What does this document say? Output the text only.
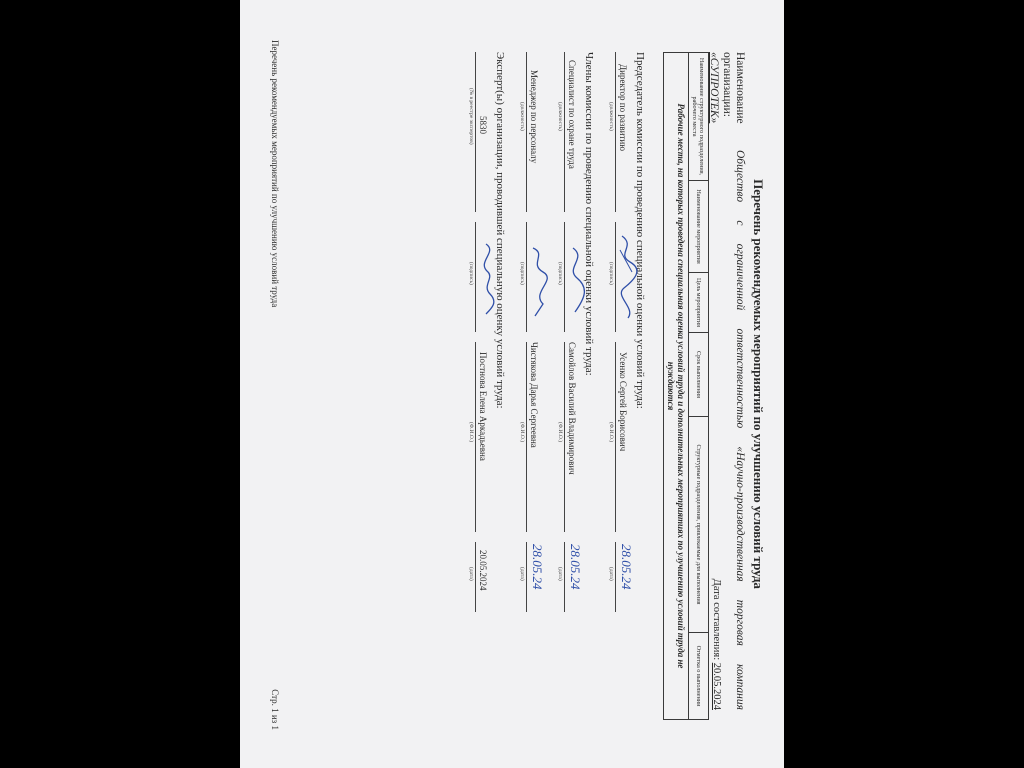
Перечень рекомендуемых мероприятий по улучшению условий труда
Наименование организации:
Обществo
с
ограниченной
ответственностью
«Научно-производственная
торговая
компания

«СУПРОТЕК»
Дата составления: 20.05.2024
Наименование структурного подразделения, рабочего места	Наименование мероприятия	Цель мероприятия	Срок выполнения	Структурные подразделения, привлекаемые для выполнения	Отметка о выполнении
Рабочие места, на которых проведена специальная оценка условий труда и дополнительных мероприятиях по улучшению условий труда не нуждаются
Председатель комиссии по проведению специальной оценки условий труда:
Директор по развитию
Усенко Сергей Борисович
28.05.24
(должность)
(подпись)
(Ф.И.О.)
(дата)
Члены комиссии по проведению специальной оценки условий труда:
Специалист по охране труда
Самойлов Василий Владимирович
28.05.24
(должность)
(подпись)
(Ф.И.О.)
(дата)
Менеджер по персоналу
Чистякова Дарья Сергеевна
28.05.24
(должность)
(подпись)
(Ф.И.О.)
(дата)
Эксперт(ы) организации, проводившей специальную оценку условий труда:
5830
Постнова Елена Аркадьевна
20.05.2024
(№ в реестре экспертов)
(подпись)
(Ф.И.О.)
(дата)
Перечень рекомендуемых мероприятий по улучшению условий труда
Стр. 1 из 1
